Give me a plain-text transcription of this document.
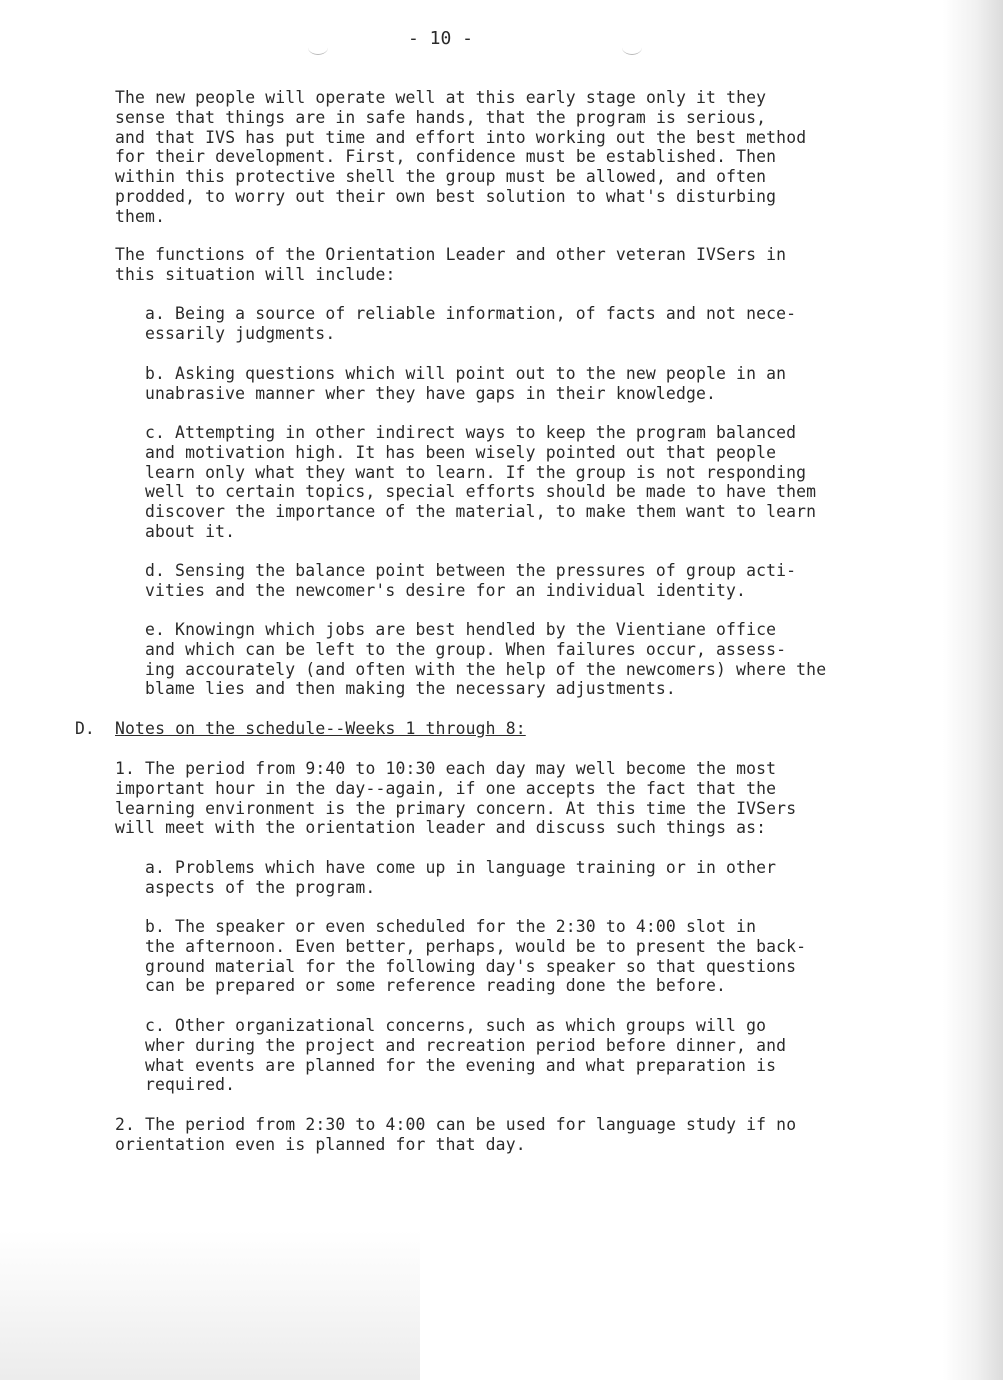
- 10 -
The new people will operate well at this early stage only it they
sense that things are in safe hands, that the program is serious,
and that IVS has put time and effort into working out the best method
for their development. First, confidence must be established. Then
within this protective shell the group must be allowed, and often
prodded, to worry out their own best solution to what's disturbing
them.
The functions of the Orientation Leader and other veteran IVSers in
this situation will include:
a. Being a source of reliable information, of facts and not nece-
essarily judgments.
b. Asking questions which will point out to the new people in an
unabrasive manner wher they have gaps in their knowledge.
c. Attempting in other indirect ways to keep the program balanced
and motivation high. It has been wisely pointed out that people
learn only what they want to learn. If the group is not responding
well to certain topics, special efforts should be made to have them
discover the importance of the material, to make them want to learn
about it.
d. Sensing the balance point between the pressures of group acti-
vities and the newcomer's desire for an individual identity.
e. Knowingn which jobs are best hendled by the Vientiane office
and which can be left to the group. When failures occur, assess-
ing accourately (and often with the help of the newcomers) where the
blame lies and then making the necessary adjustments.
D. Notes on the schedule--Weeks 1 through 8:
1. The period from 9:40 to 10:30 each day may well become the most
important hour in the day--again, if one accepts the fact that the
learning environment is the primary concern. At this time the IVSers
will meet with the orientation leader and discuss such things as:
a. Problems which have come up in language training or in other
aspects of the program.
b. The speaker or even scheduled for the 2:30 to 4:00 slot in
the afternoon. Even better, perhaps, would be to present the back-
ground material for the following day's speaker so that questions
can be prepared or some reference reading done the before.
c. Other organizational concerns, such as which groups will go
wher during the project and recreation period before dinner, and
what events are planned for the evening and what preparation is
required.
2. The period from 2:30 to 4:00 can be used for language study if no
orientation even is planned for that day.
